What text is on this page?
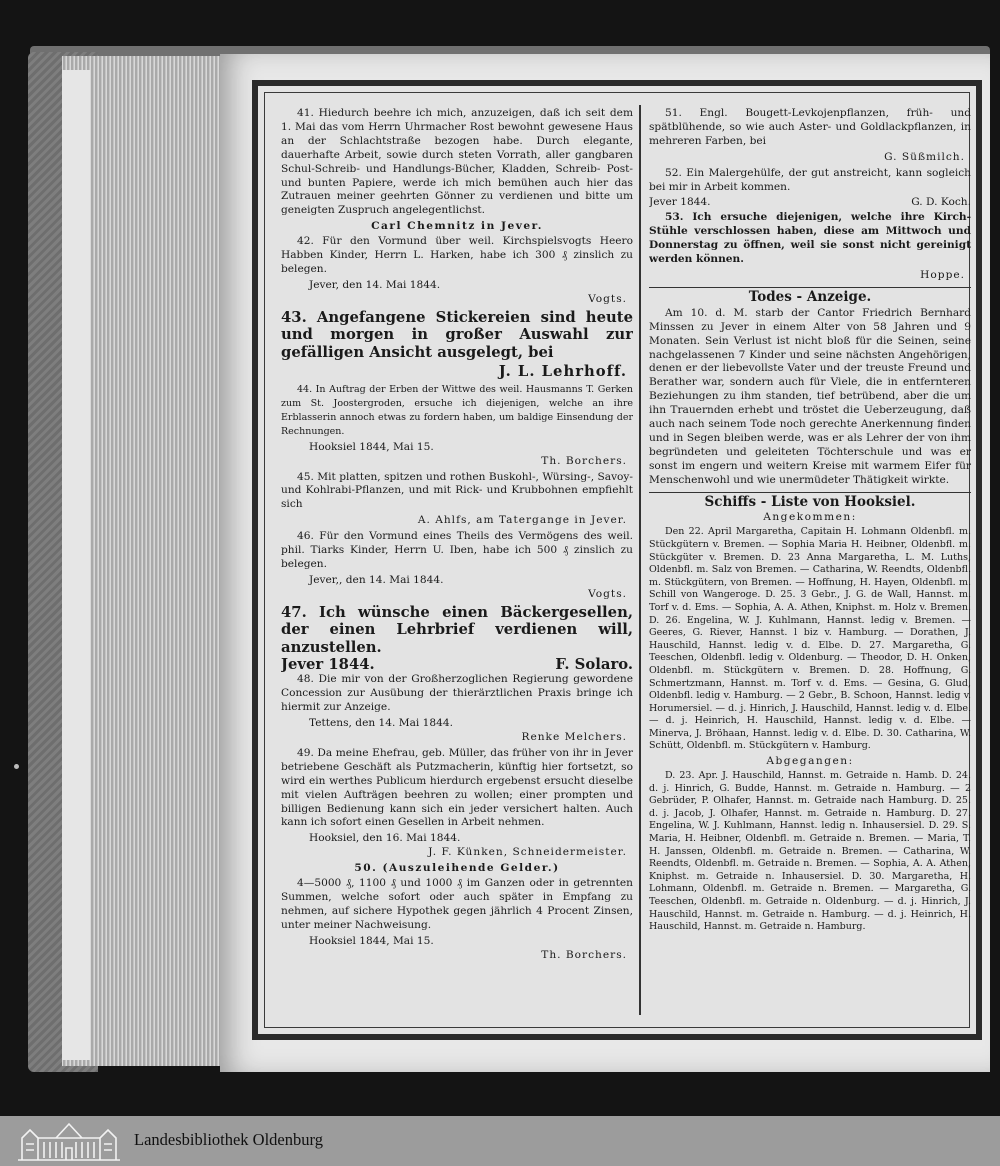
41. Hiedurch beehre ich mich, anzuzeigen, daß ich seit dem 1. Mai das vom Herrn Uhrmacher Rost bewohnt gewesene Haus an der Schlachtstraße bezogen habe. Durch elegante, dauerhafte Arbeit, sowie durch steten Vorrath, aller gangbaren Schul-Schreib- und Handlungs-Bücher, Kladden, Schreib- Post- und bunten Papiere, werde ich mich bemühen auch hier das Zutrauen meiner geehrten Gönner zu verdienen und bitte um geneigten Zuspruch angelegentlichst.

Carl Chemnitz in Jever.

42. Für den Vormund über weil. Kirchspielsvogts Heero Habben Kinder, Herrn L. Harken, habe ich 300 ₰ zinslich zu belegen.

Jever, den 14. Mai 1844.

Vogts.

43. Angefangene Stickereien sind heute und morgen in großer Auswahl zur gefälligen Ansicht ausgelegt, bei

J. L. Lehrhoff.

44. In Auftrag der Erben der Wittwe des weil. Hausmanns T. Gerken zum St. Joostergroden, ersuche ich diejenigen, welche an ihre Erblasserin annoch etwas zu fordern haben, um baldige Einsendung der Rechnungen.

Hooksiel 1844, Mai 15.

Th. Borchers.

45. Mit platten, spitzen und rothen Buskohl-, Würsing-, Savoy- und Kohlrabi-Pflanzen, und mit Rick- und Krubbohnen empfiehlt sich

A. Ahlfs, am Tatergange in Jever.

46. Für den Vormund eines Theils des Vermögens des weil. phil. Tiarks Kinder, Herrn U. Iben, habe ich 500 ₰ zinslich zu belegen.

Jever,, den 14. Mai 1844.

Vogts.

47. Ich wünsche einen Bäckergesellen, der einen Lehrbrief verdienen will, anzustellen.

Jever 1844.	F. Solaro.

48. Die mir von der Großherzoglichen Regierung gewordene Concession zur Ausübung der thierärztlichen Praxis bringe ich hiermit zur Anzeige.

Tettens, den 14. Mai 1844.

Renke Melchers.

49. Da meine Ehefrau, geb. Müller, das früher von ihr in Jever betriebene Geschäft als Putzmacherin, künftig hier fortsetzt, so wird ein werthes Publicum hierdurch ergebenst ersucht dieselbe mit vielen Aufträgen beehren zu wollen; einer prompten und billigen Bedienung kann sich ein jeder versichert halten. Auch kann ich sofort einen Gesellen in Arbeit nehmen.

Hooksiel, den 16. Mai 1844.

J. F. Künken, Schneidermeister.

50. (Auszuleihende Gelder.)

4—5000 ₰, 1100 ₰ und 1000 ₰ im Ganzen oder in getrennten Summen, welche sofort oder auch später in Empfang zu nehmen, auf sichere Hypothek gegen jährlich 4 Procent Zinsen, unter meiner Nachweisung.

Hooksiel 1844, Mai 15.

Th. Borchers.

51. Engl. Bougett-Levkojenpflanzen, früh- und spätblühende, so wie auch Aster- und Goldlackpflanzen, in mehreren Farben, bei

G. Süßmilch.

52. Ein Malergehülfe, der gut anstreicht, kann sogleich bei mir in Arbeit kommen.

Jever 1844.	G. D. Koch.

53. Ich ersuche diejenigen, welche ihre Kirch-Stühle verschlossen haben, diese am Mittwoch und Donnerstag zu öffnen, weil sie sonst nicht gereinigt werden können.

Hoppe.

Todes - Anzeige.

Am 10. d. M. starb der Cantor Friedrich Bernhard Minssen zu Jever in einem Alter von 58 Jahren und 9 Monaten. Sein Verlust ist nicht bloß für die Seinen, seine nachgelassenen 7 Kinder und seine nächsten Angehörigen, denen er der liebevollste Vater und der treuste Freund und Berather war, sondern auch für Viele, die in entfernteren Beziehungen zu ihm standen, tief betrübend, aber die um ihn Trauernden erhebt und tröstet die Ueberzeugung, daß auch nach seinem Tode noch gerechte Anerkennung finden und in Segen bleiben werde, was er als Lehrer der von ihm begründeten und geleiteten Töchterschule und was er sonst im engern und weitern Kreise mit warmem Eifer für Menschenwohl und wie unermüdeter Thätigkeit wirkte.

Schiffs - Liste von Hooksiel.

Angekommen:

Den 22. April Margaretha, Capitain H. Lohmann Oldenbfl. m. Stückgütern v. Bremen. — Sophia Maria H. Heibner, Oldenbfl. m. Stückgüter v. Bremen. D. 23 Anna Margaretha, L. M. Luths, Oldenbfl. m. Salz von Bremen. — Catharina, W. Reendts, Oldenbfl. m. Stückgütern, von Bremen. — Hoffnung, H. Hayen, Oldenbfl. m. Schill von Wangeroge. D. 25. 3 Gebr., J. G. de Wall, Hannst. m. Torf v. d. Ems. — Sophia, A. A. Athen, Kniphst. m. Holz v. Bremen. D. 26. Engelina, W. J. Kuhlmann, Hannst. ledig v. Bremen. — Geeres, G. Riever, Hannst. l biz v. Hamburg. — Dorathen, J. Hauschild, Hannst. ledig v. d. Elbe. D. 27. Margaretha, G. Teeschen, Oldenbfl. ledig v. Oldenburg. — Theodor, D. H. Onken, Oldenbfl. m. Stückgütern v. Bremen. D. 28. Hoffnung, G. Schmertzmann, Hannst. m. Torf v. d. Ems. — Gesina, G. Glud, Oldenbfl. ledig v. Hamburg. — 2 Gebr., B. Schoon, Hannst. ledig v. Horumersiel. — d. j. Hinrich, J. Hauschild, Hannst. ledig v. d. Elbe. — d. j. Heinrich, H. Hauschild, Hannst. ledig v. d. Elbe. — Minerva, J. Bröhaan, Hannst. ledig v. d. Elbe. D. 30. Catharina, W. Schütt, Oldenbfl. m. Stückgütern v. Hamburg.

Abgegangen:

D. 23. Apr. J. Hauschild, Hannst. m. Getraide n. Hamb. D. 24. d. j. Hinrich, G. Budde, Hannst. m. Getraide n. Hamburg. — 2 Gebrüder, P. Olhafer, Hannst. m. Getraide nach Hamburg. D. 25. d. j. Jacob, J. Olhafer, Hannst. m. Getraide n. Hamburg. D. 27. Engelina, W. J. Kuhlmann, Hannst. ledig n. Inhausersiel. D. 29. S. Maria, H. Heibner, Oldenbfl. m. Getraide n. Bremen. — Maria, T. H. Janssen, Oldenbfl. m. Getraide n. Bremen. — Catharina, W. Reendts, Oldenbfl. m. Getraide n. Bremen. — Sophia, A. A. Athen, Kniphst. m. Getraide n. Inhausersiel. D. 30. Margaretha, H. Lohmann, Oldenbfl. m. Getraide n. Bremen. — Margaretha, G. Teeschen, Oldenbfl. m. Getraide n. Oldenburg. — d. j. Hinrich, J. Hauschild, Hannst. m. Getraide n. Hamburg. — d. j. Heinrich, H. Hauschild, Hannst. m. Getraide n. Hamburg.

Landesbibliothek Oldenburg
